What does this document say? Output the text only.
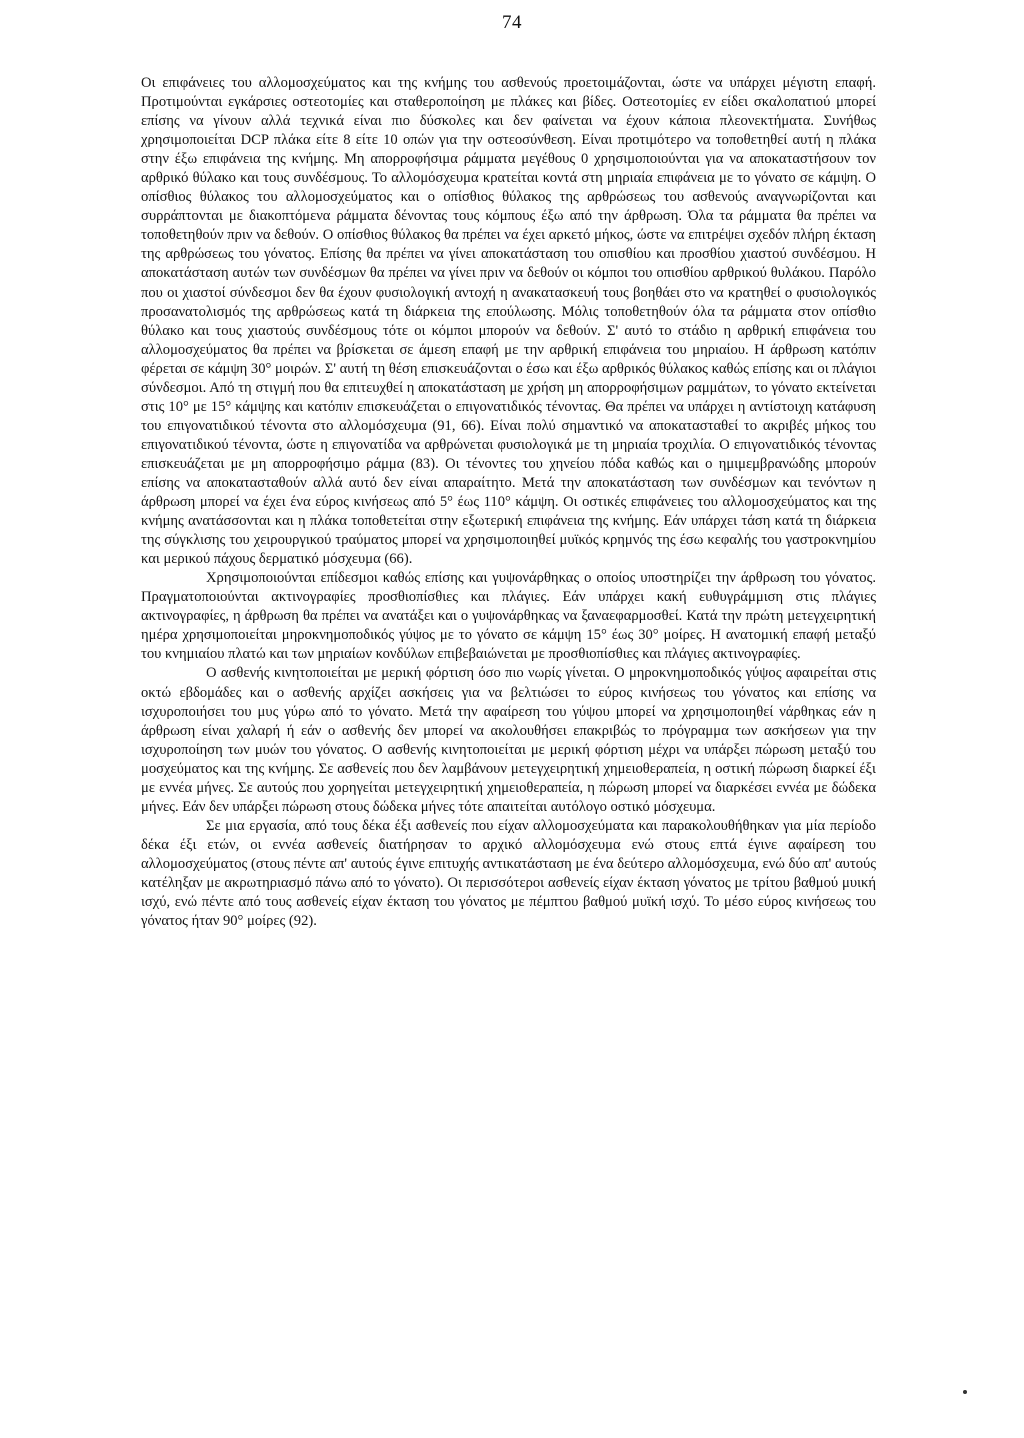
74

Οι επιφάνειες του αλλομοσχεύματος και της κνήμης του ασθενούς προετοιμάζονται, ώστε να υπάρχει μέγιστη επαφή. Προτιμούνται εγκάρσιες οστεοτομίες και σταθεροποίηση με πλάκες και βίδες. Οστεοτομίες εν είδει σκαλοπατιού μπορεί επίσης να γίνουν αλλά τεχνικά είναι πιο δύσκολες και δεν φαίνεται να έχουν κάποια πλεονεκτήματα. Συνήθως χρησιμοποιείται DCP πλάκα είτε 8 είτε 10 οπών για την οστεοσύνθεση. Είναι προτιμότερο να τοποθετηθεί αυτή η πλάκα στην έξω επιφάνεια της κνήμης. Μη απορροφήσιμα ράμματα μεγέθους 0 χρησιμοποιούνται για να αποκαταστήσουν τον αρθρικό θύλακο και τους συνδέσμους. Το αλλομόσχευμα κρατείται κοντά στη μηριαία επιφάνεια με το γόνατο σε κάμψη. Ο οπίσθιος θύλακος του αλλομοσχεύματος και ο οπίσθιος θύλακος της αρθρώσεως του ασθενούς αναγνωρίζονται και συρράπτονται με διακοπτόμενα ράμματα δένοντας τους κόμπους έξω από την άρθρωση. Όλα τα ράμματα θα πρέπει να τοποθετηθούν πριν να δεθούν. Ο οπίσθιος θύλακος θα πρέπει να έχει αρκετό μήκος, ώστε να επιτρέψει σχεδόν πλήρη έκταση της αρθρώσεως του γόνατος. Επίσης θα πρέπει να γίνει αποκατάσταση του οπισθίου και προσθίου χιαστού συνδέσμου. Η αποκατάσταση αυτών των συνδέσμων θα πρέπει να γίνει πριν να δεθούν οι κόμποι του οπισθίου αρθρικού θυλάκου. Παρόλο που οι χιαστοί σύνδεσμοι δεν θα έχουν φυσιολογική αντοχή η ανακατασκευή τους βοηθάει στο να κρατηθεί ο φυσιολογικός προσανατολισμός της αρθρώσεως κατά τη διάρκεια της επούλωσης. Μόλις τοποθετηθούν όλα τα ράμματα στον οπίσθιο θύλακο και τους χιαστούς συνδέσμους τότε οι κόμποι μπορούν να δεθούν. Σ' αυτό το στάδιο η αρθρική επιφάνεια του αλλομοσχεύματος θα πρέπει να βρίσκεται σε άμεση επαφή με την αρθρική επιφάνεια του μηριαίου. Η άρθρωση κατόπιν φέρεται σε κάμψη 30° μοιρών. Σ' αυτή τη θέση επισκευάζονται ο έσω και έξω αρθρικός θύλακος καθώς επίσης και οι πλάγιοι σύνδεσμοι. Από τη στιγμή που θα επιτευχθεί η αποκατάσταση με χρήση μη απορροφήσιμων ραμμάτων, το γόνατο εκτείνεται στις 10° με 15° κάμψης και κατόπιν επισκευάζεται ο επιγονατιδικός τένοντας. Θα πρέπει να υπάρχει η αντίστοιχη κατάφυση του επιγονατιδικού τένοντα στο αλλομόσχευμα (91, 66). Είναι πολύ σημαντικό να αποκατασταθεί το ακριβές μήκος του επιγονατιδικού τένοντα, ώστε η επιγονατίδα να αρθρώνεται φυσιολογικά με τη μηριαία τροχιλία. Ο επιγονατιδικός τένοντας επισκευάζεται με μη απορροφήσιμο ράμμα (83). Οι τένοντες του χηνείου πόδα καθώς και ο ημιμεμβρανώδης μπορούν επίσης να αποκατασταθούν αλλά αυτό δεν είναι απαραίτητο. Μετά την αποκατάσταση των συνδέσμων και τενόντων η άρθρωση μπορεί να έχει ένα εύρος κινήσεως από 5° έως 110° κάμψη. Οι οστικές επιφάνειες του αλλομοσχεύματος και της κνήμης ανατάσσονται και η πλάκα τοποθετείται στην εξωτερική επιφάνεια της κνήμης. Εάν υπάρχει τάση κατά τη διάρκεια της σύγκλισης του χειρουργικού τραύματος μπορεί να χρησιμοποιηθεί μυϊκός κρημνός της έσω κεφαλής του γαστροκνημίου και μερικού πάχους δερματικό μόσχευμα (66).

Χρησιμοποιούνται επίδεσμοι καθώς επίσης και γυψονάρθηκας ο οποίος υποστηρίζει την άρθρωση του γόνατος. Πραγματοποιούνται ακτινογραφίες προσθιοπίσθιες και πλάγιες. Εάν υπάρχει κακή ευθυγράμμιση στις πλάγιες ακτινογραφίες, η άρθρωση θα πρέπει να ανατάξει και ο γυψονάρθηκας να ξαναεφαρμοσθεί. Κατά την πρώτη μετεγχειρητική ημέρα χρησιμοποιείται μηροκνημοποδικός γύψος με το γόνατο σε κάμψη 15° έως 30° μοίρες. Η ανατομική επαφή μεταξύ του κνημιαίου πλατώ και των μηριαίων κονδύλων επιβεβαιώνεται με προσθιοπίσθιες και πλάγιες ακτινογραφίες.

Ο ασθενής κινητοποιείται με μερική φόρτιση όσο πιο νωρίς γίνεται. Ο μηροκνημοποδικός γύψος αφαιρείται στις οκτώ εβδομάδες και ο ασθενής αρχίζει ασκήσεις για να βελτιώσει το εύρος κινήσεως του γόνατος και επίσης να ισχυροποιήσει του μυς γύρω από το γόνατο. Μετά την αφαίρεση του γύψου μπορεί να χρησιμοποιηθεί νάρθηκας εάν η άρθρωση είναι χαλαρή ή εάν ο ασθενής δεν μπορεί να ακολουθήσει επακριβώς το πρόγραμμα των ασκήσεων για την ισχυροποίηση των μυών του γόνατος. Ο ασθενής κινητοποιείται με μερική φόρτιση μέχρι να υπάρξει πώρωση μεταξύ του μοσχεύματος και της κνήμης. Σε ασθενείς που δεν λαμβάνουν μετεγχειρητική χημειοθεραπεία, η οστική πώρωση διαρκεί έξι με εννέα μήνες. Σε αυτούς που χορηγείται μετεγχειρητική χημειοθεραπεία, η πώρωση μπορεί να διαρκέσει εννέα με δώδεκα μήνες. Εάν δεν υπάρξει πώρωση στους δώδεκα μήνες τότε απαιτείται αυτόλογο οστικό μόσχευμα.

Σε μια εργασία, από τους δέκα έξι ασθενείς που είχαν αλλομοσχεύματα και παρακολουθήθηκαν για μία περίοδο δέκα έξι ετών, οι εννέα ασθενείς διατήρησαν το αρχικό αλλομόσχευμα ενώ στους επτά έγινε αφαίρεση του αλλομοσχεύματος (στους πέντε απ' αυτούς έγινε επιτυχής αντικατάσταση με ένα δεύτερο αλλομόσχευμα, ενώ δύο απ' αυτούς κατέληξαν με ακρωτηριασμό πάνω από το γόνατο). Οι περισσότεροι ασθενείς είχαν έκταση γόνατος με τρίτου βαθμού μυική ισχύ, ενώ πέντε από τους ασθενείς είχαν έκταση του γόνατος με πέμπτου βαθμού μυϊκή ισχύ. Το μέσο εύρος κινήσεως του γόνατος ήταν 90° μοίρες (92).
